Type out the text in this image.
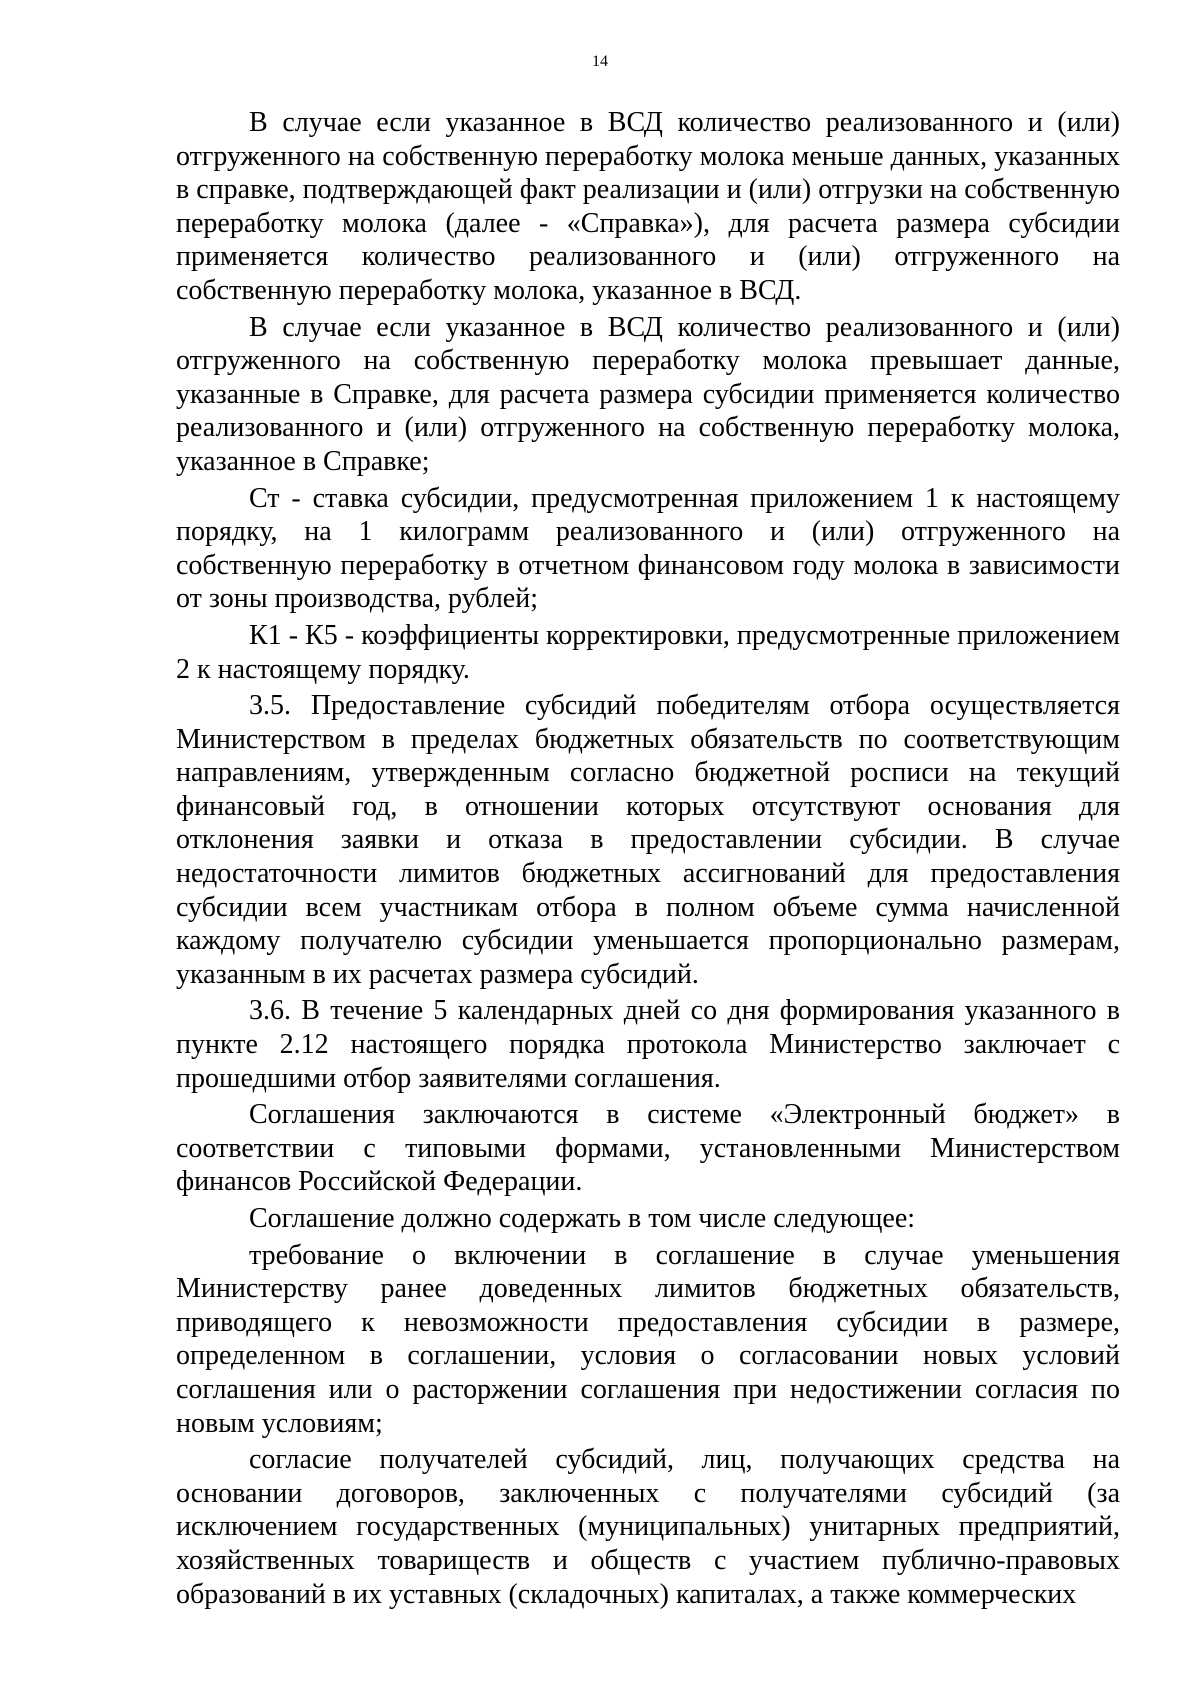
14

В случае если указанное в ВСД количество реализованного и (или) отгруженного на собственную переработку молока меньше данных, указанных в справке, подтверждающей факт реализации и (или) отгрузки на собственную переработку молока (далее - «Справка»), для расчета размера субсидии применяется количество реализованного и (или) отгруженного на собственную переработку молока, указанное в ВСД.

В случае если указанное в ВСД количество реализованного и (или) отгруженного на собственную переработку молока превышает данные, указанные в Справке, для расчета размера субсидии применяется количество реализованного и (или) отгруженного на собственную переработку молока, указанное в Справке;

Ст - ставка субсидии, предусмотренная приложением 1 к настоящему порядку, на 1 килограмм реализованного и (или) отгруженного на собственную переработку в отчетном финансовом году молока в зависимости от зоны производства, рублей;

К1 - К5 - коэффициенты корректировки, предусмотренные приложением 2 к настоящему порядку.

3.5. Предоставление субсидий победителям отбора осуществляется Министерством в пределах бюджетных обязательств по соответствующим направлениям, утвержденным согласно бюджетной росписи на текущий финансовый год, в отношении которых отсутствуют основания для отклонения заявки и отказа в предоставлении субсидии. В случае недостаточности лимитов бюджетных ассигнований для предоставления субсидии всем участникам отбора в полном объеме сумма начисленной каждому получателю субсидии уменьшается пропорционально размерам, указанным в их расчетах размера субсидий.

3.6. В течение 5 календарных дней со дня формирования указанного в пункте 2.12 настоящего порядка протокола Министерство заключает с прошедшими отбор заявителями соглашения.

Соглашения заключаются в системе «Электронный бюджет» в соответствии с типовыми формами, установленными Министерством финансов Российской Федерации.

Соглашение должно содержать в том числе следующее:

требование о включении в соглашение в случае уменьшения Министерству ранее доведенных лимитов бюджетных обязательств, приводящего к невозможности предоставления субсидии в размере, определенном в соглашении, условия о согласовании новых условий соглашения или о расторжении соглашения при недостижении согласия по новым условиям;

согласие получателей субсидий, лиц, получающих средства на основании договоров, заключенных с получателями субсидий (за исключением государственных (муниципальных) унитарных предприятий, хозяйственных товариществ и обществ с участием публично-правовых образований в их уставных (складочных) капиталах, а также коммерческих
